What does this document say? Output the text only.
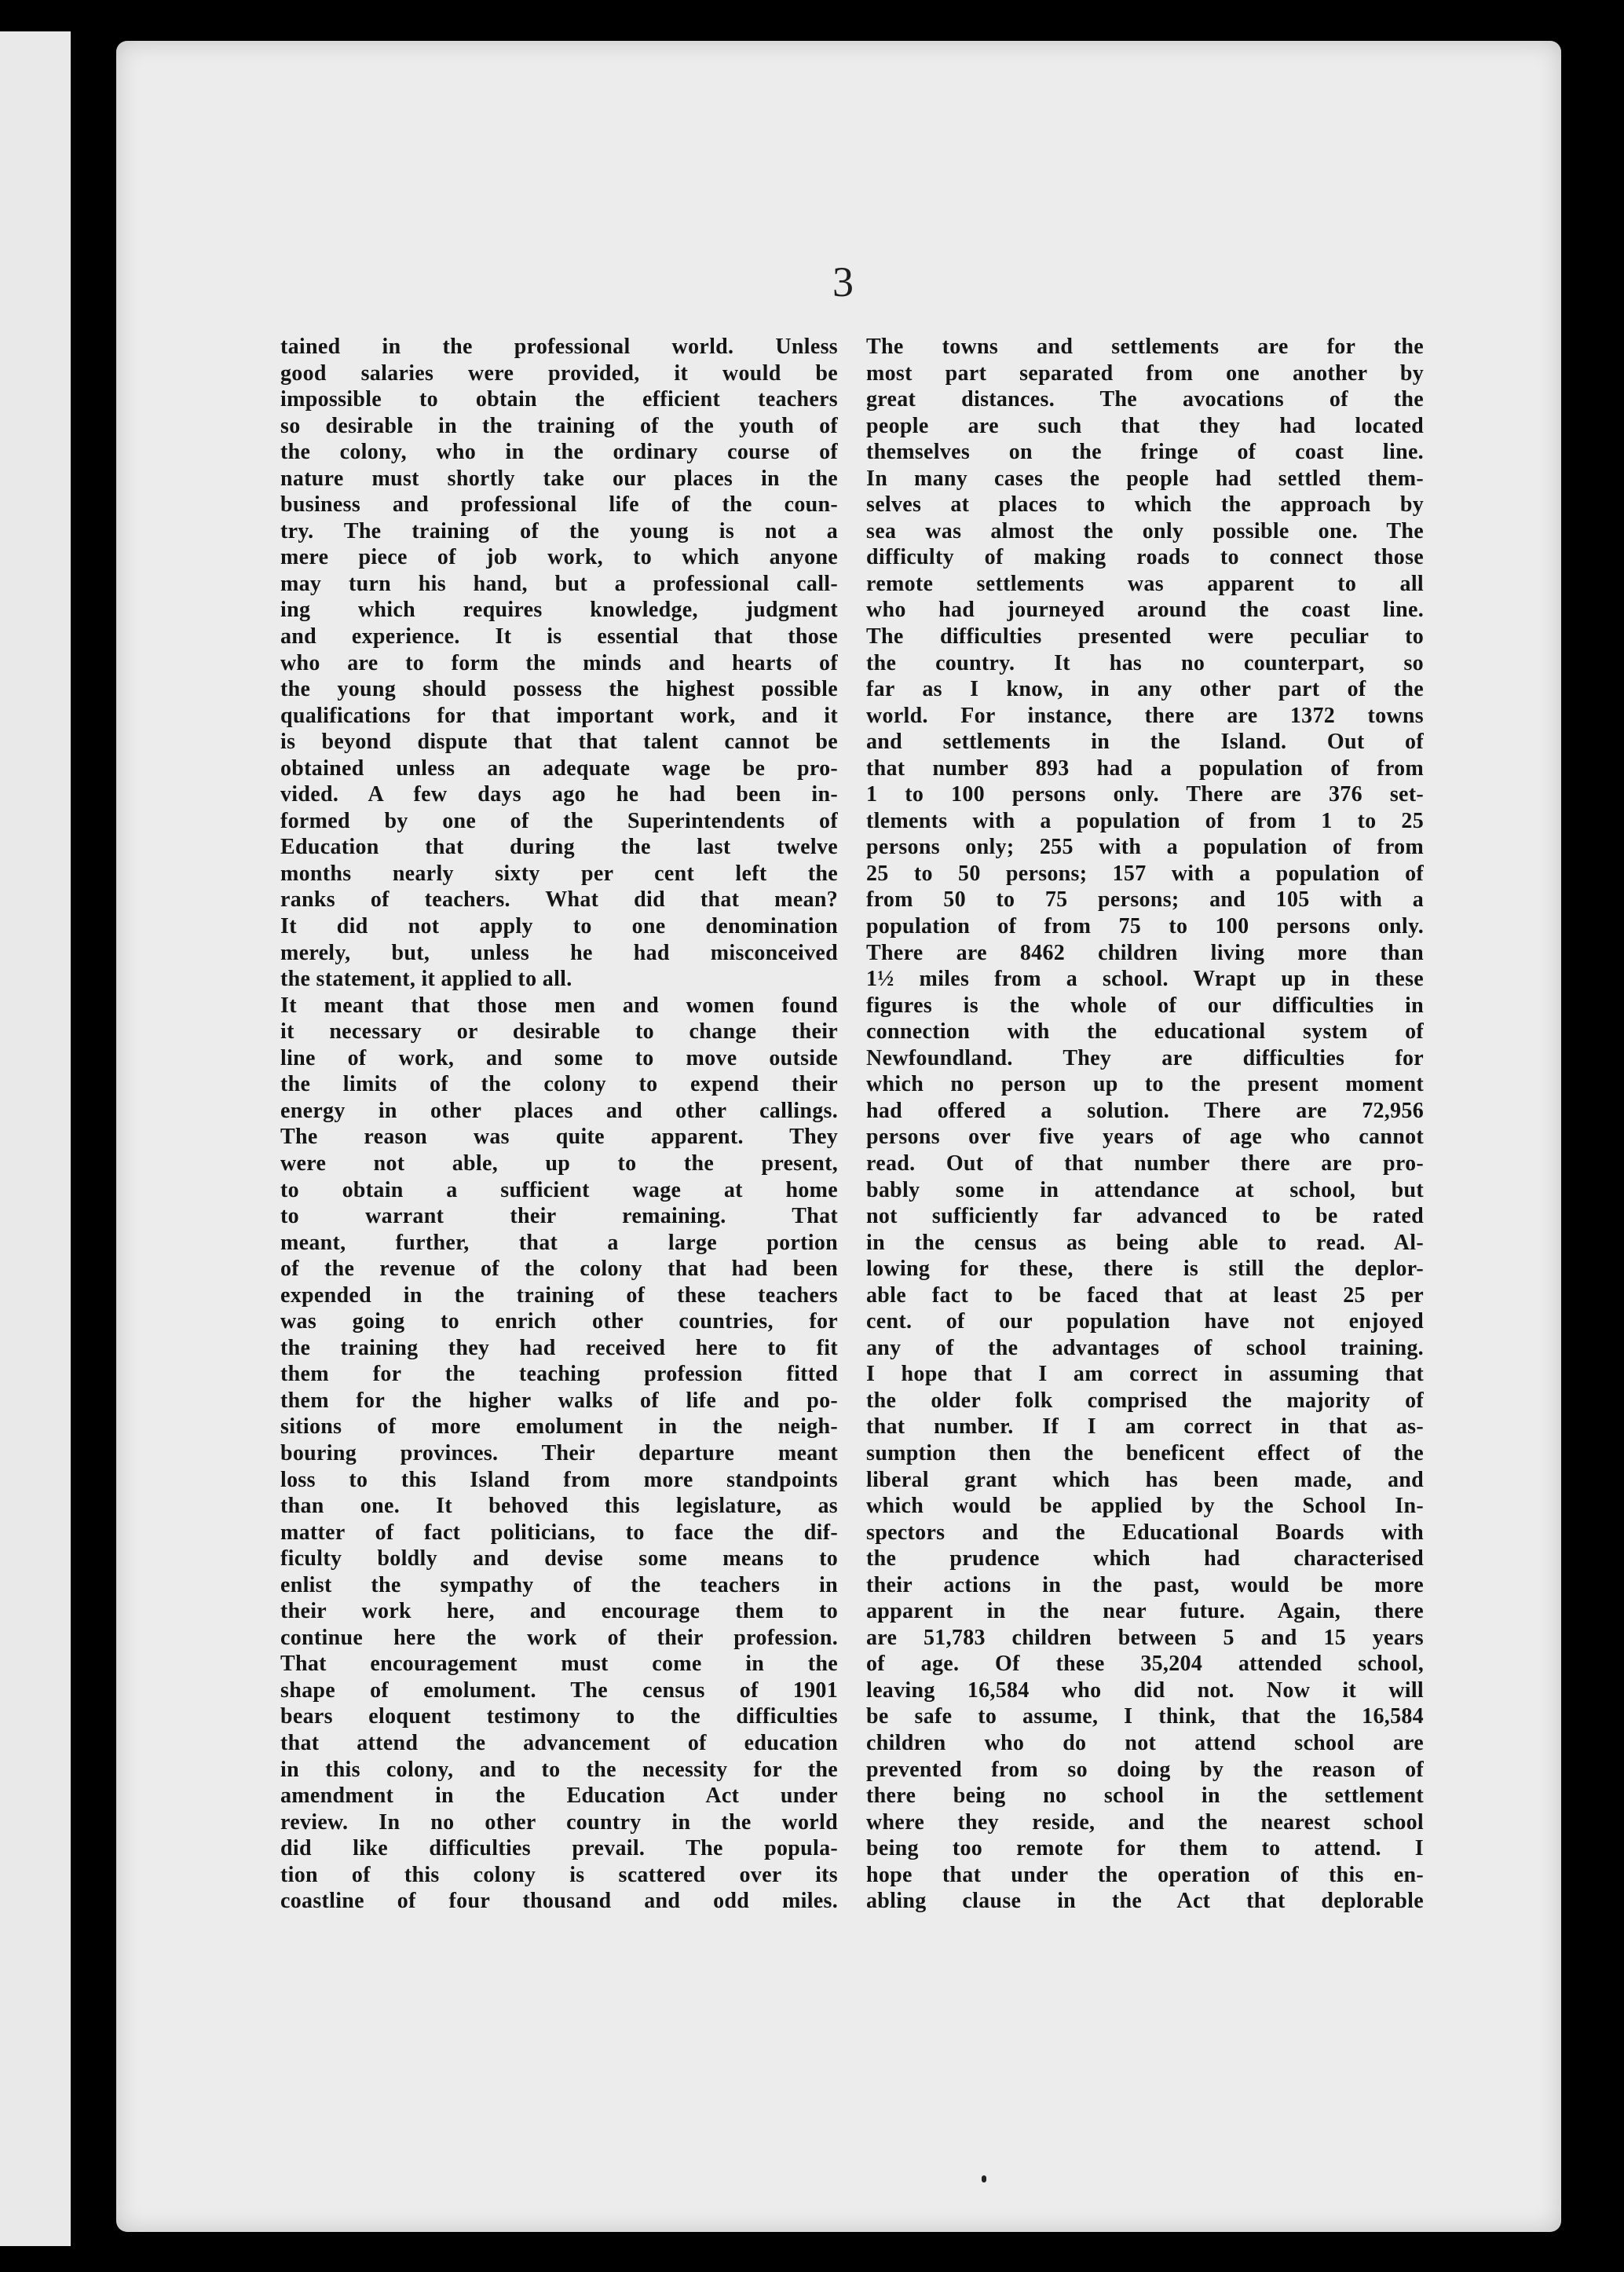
3
tained in the professional world. Unless
good salaries were provided, it would be
impossible to obtain the efficient teachers
so desirable in the training of the youth of
the colony, who in the ordinary course of
nature must shortly take our places in the
business and professional life of the coun-
try. The training of the young is not a
mere piece of job work, to which anyone
may turn his hand, but a professional call-
ing which requires knowledge, judgment
and experience. It is essential that those
who are to form the minds and hearts of
the young should possess the highest possible
qualifications for that important work, and it
is beyond dispute that that talent cannot be
obtained unless an adequate wage be pro-
vided. A few days ago he had been in-
formed by one of the Superintendents of
Education that during the last twelve
months nearly sixty per cent left the
ranks of teachers. What did that mean?
It did not apply to one denomination
merely, but, unless he had misconceived
the statement, it applied to all.
It meant that those men and women found
it necessary or desirable to change their
line of work, and some to move outside
the limits of the colony to expend their
energy in other places and other callings.
The reason was quite apparent. They
were not able, up to the present,
to obtain a sufficient wage at home
to warrant their remaining. That
meant, further, that a large portion
of the revenue of the colony that had been
expended in the training of these teachers
was going to enrich other countries, for
the training they had received here to fit
them for the teaching profession fitted
them for the higher walks of life and po-
sitions of more emolument in the neigh-
bouring provinces. Their departure meant
loss to this Island from more standpoints
than one. It behoved this legislature, as
matter of fact politicians, to face the dif-
ficulty boldly and devise some means to
enlist the sympathy of the teachers in
their work here, and encourage them to
continue here the work of their profession.
That encouragement must come in the
shape of emolument. The census of 1901
bears eloquent testimony to the difficulties
that attend the advancement of education
in this colony, and to the necessity for the
amendment in the Education Act under
review. In no other country in the world
did like difficulties prevail. The popula-
tion of this colony is scattered over its
coastline of four thousand and odd miles.
The towns and settlements are for the
most part separated from one another by
great distances. The avocations of the
people are such that they had located
themselves on the fringe of coast line.
In many cases the people had settled them-
selves at places to which the approach by
sea was almost the only possible one. The
difficulty of making roads to connect those
remote settlements was apparent to all
who had journeyed around the coast line.
The difficulties presented were peculiar to
the country. It has no counterpart, so
far as I know, in any other part of the
world. For instance, there are 1372 towns
and settlements in the Island. Out of
that number 893 had a population of from
1 to 100 persons only. There are 376 set-
tlements with a population of from 1 to 25
persons only; 255 with a population of from
25 to 50 persons; 157 with a population of
from 50 to 75 persons; and 105 with a
population of from 75 to 100 persons only.
There are 8462 children living more than
1½ miles from a school. Wrapt up in these
figures is the whole of our difficulties in
connection with the educational system of
Newfoundland. They are difficulties for
which no person up to the present moment
had offered a solution. There are 72,956
persons over five years of age who cannot
read. Out of that number there are pro-
bably some in attendance at school, but
not sufficiently far advanced to be rated
in the census as being able to read. Al-
lowing for these, there is still the deplor-
able fact to be faced that at least 25 per
cent. of our population have not enjoyed
any of the advantages of school training.
I hope that I am correct in assuming that
the older folk comprised the majority of
that number. If I am correct in that as-
sumption then the beneficent effect of the
liberal grant which has been made, and
which would be applied by the School In-
spectors and the Educational Boards with
the prudence which had characterised
their actions in the past, would be more
apparent in the near future. Again, there
are 51,783 children between 5 and 15 years
of age. Of these 35,204 attended school,
leaving 16,584 who did not. Now it will
be safe to assume, I think, that the 16,584
children who do not attend school are
prevented from so doing by the reason of
there being no school in the settlement
where they reside, and the nearest school
being too remote for them to attend. I
hope that under the operation of this en-
abling clause in the Act that deplorable
